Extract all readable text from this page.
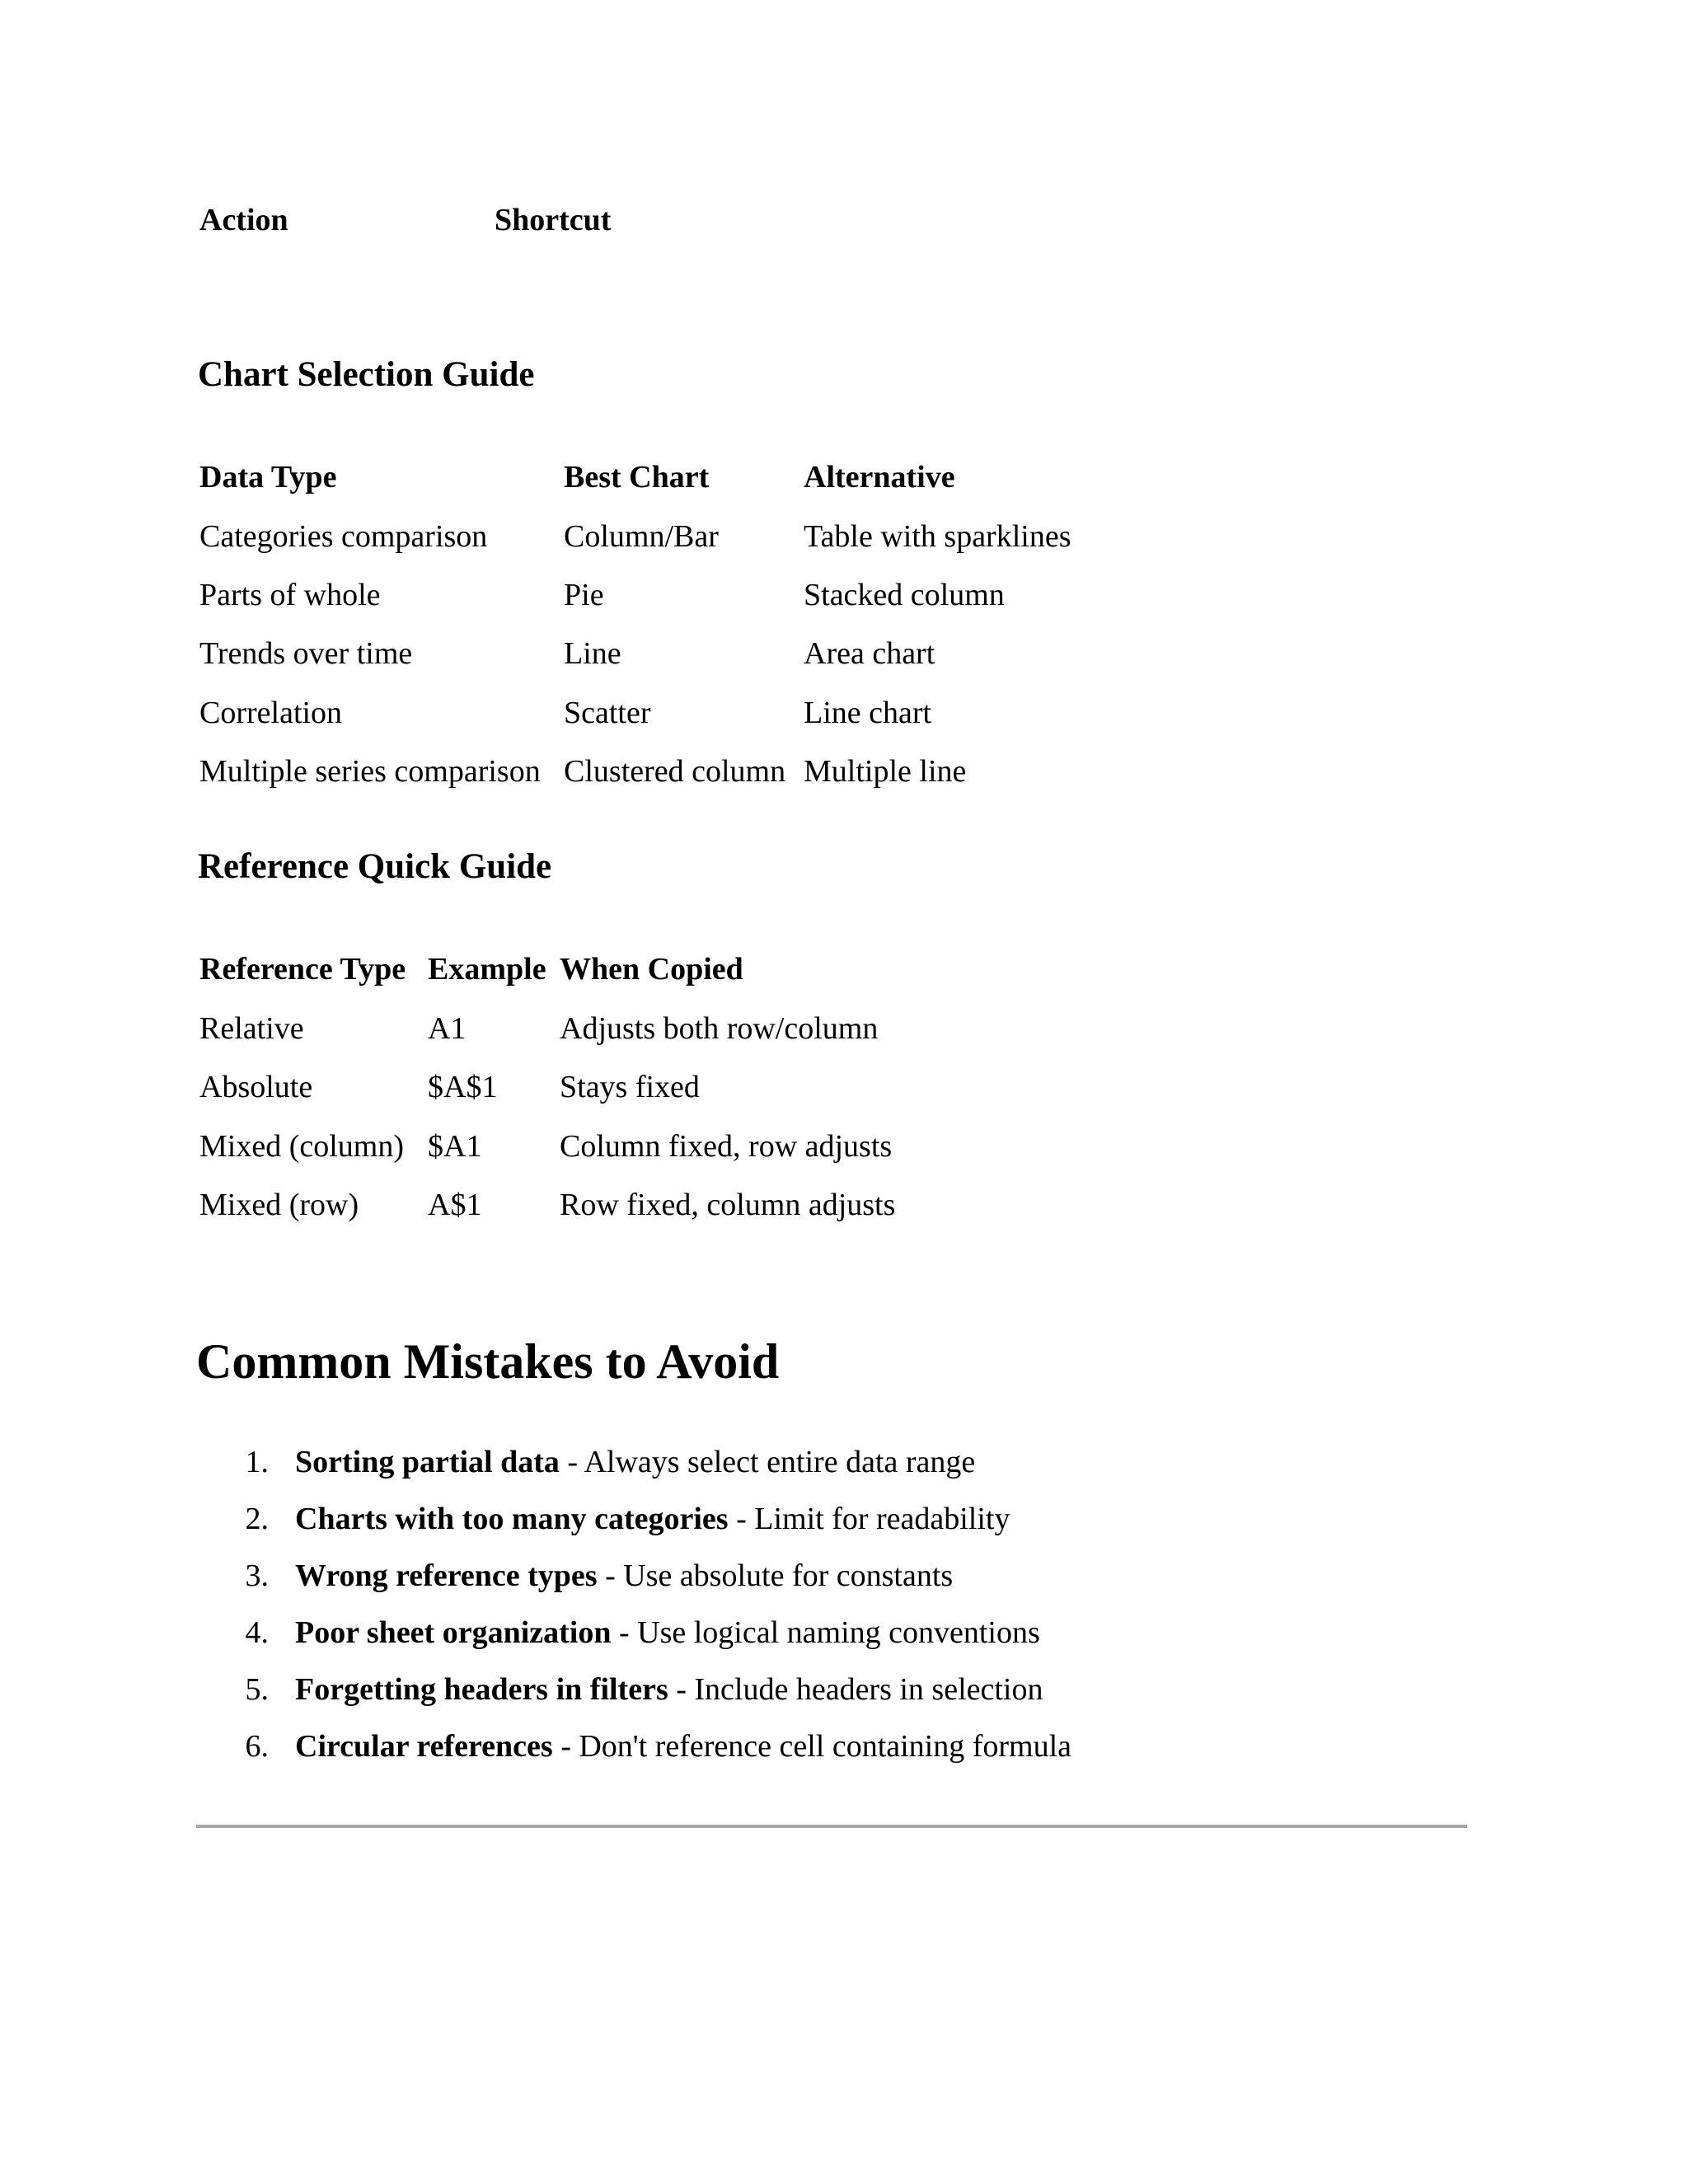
Action	Shortcut
Chart Selection Guide
Data Type	Best Chart	Alternative
Categories comparison	Column/Bar	Table with sparklines
Parts of whole	Pie	Stacked column
Trends over time	Line	Area chart
Correlation	Scatter	Line chart
Multiple series comparison	Clustered column	Multiple line
Reference Quick Guide
Reference Type	Example	When Copied
Relative	A1	Adjusts both row/column
Absolute	$A$1	Stays fixed
Mixed (column)	$A1	Column fixed, row adjusts
Mixed (row)	A$1	Row fixed, column adjusts
Common Mistakes to Avoid
1. Sorting partial data - Always select entire data range
2. Charts with too many categories - Limit for readability
3. Wrong reference types - Use absolute for constants
4. Poor sheet organization - Use logical naming conventions
5. Forgetting headers in filters - Include headers in selection
6. Circular references - Don't reference cell containing formula
